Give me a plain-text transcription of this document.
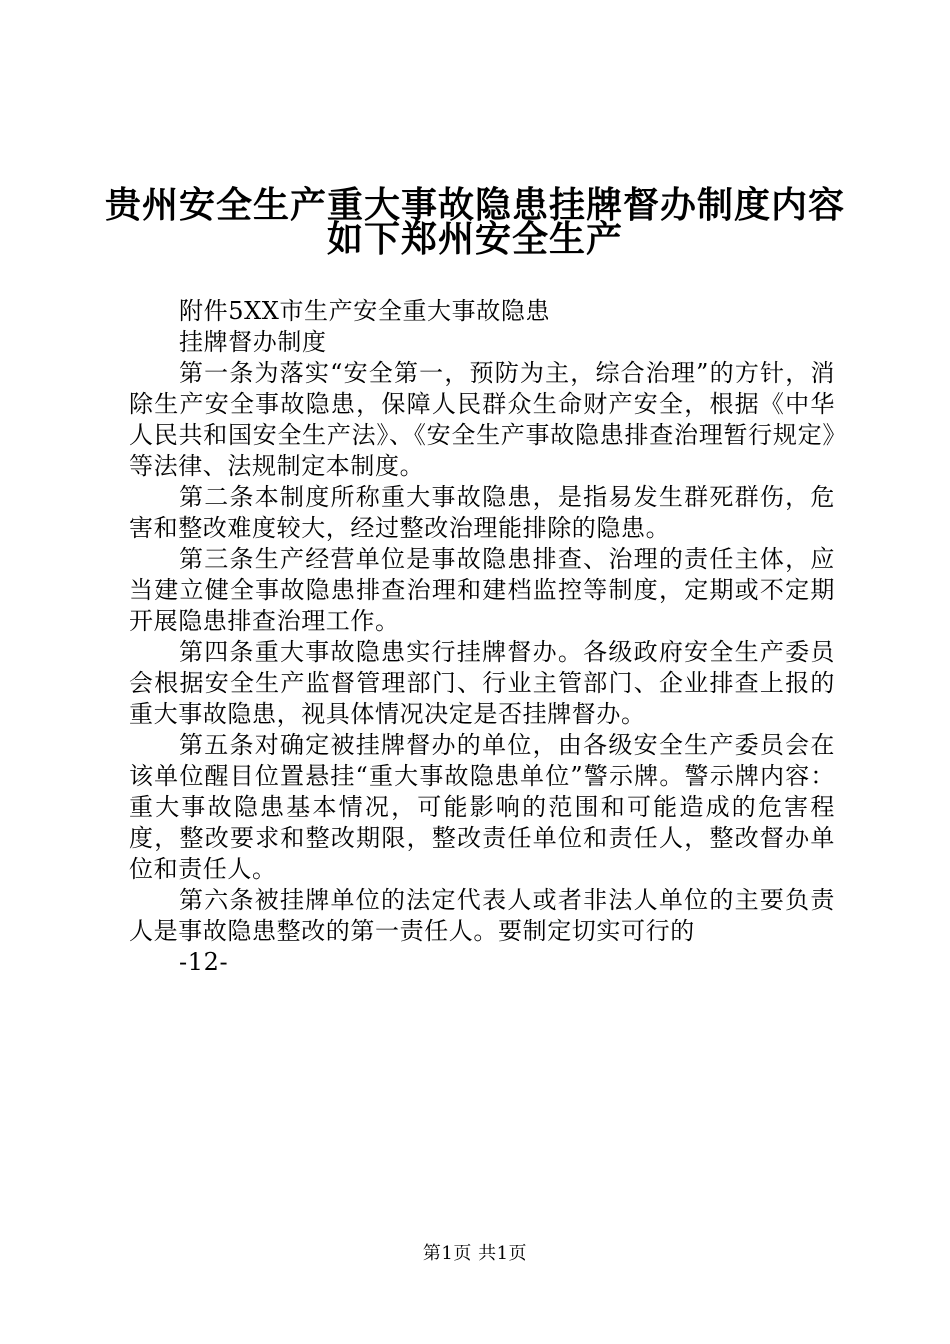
贵州安全生产重大事故隐患挂牌督办制度内容
如下郑州安全生产

附件5XX市生产安全重大事故隐患

挂牌督办制度

第一条为落实“安全第一，预防为主，综合治理”的方针，消除生产安全事故隐患，保障人民群众生命财产安全，根据《中华人民共和国安全生产法》、《安全生产事故隐患排查治理暂行规定》等法律、法规制定本制度。

第二条本制度所称重大事故隐患，是指易发生群死群伤，危害和整改难度较大，经过整改治理能排除的隐患。

第三条生产经营单位是事故隐患排查、治理的责任主体，应当建立健全事故隐患排查治理和建档监控等制度，定期或不定期开展隐患排查治理工作。

第四条重大事故隐患实行挂牌督办。各级政府安全生产委员会根据安全生产监督管理部门、行业主管部门、企业排查上报的重大事故隐患，视具体情况决定是否挂牌督办。

第五条对确定被挂牌督办的单位，由各级安全生产委员会在该单位醒目位置悬挂“重大事故隐患单位”警示牌。警示牌内容：重大事故隐患基本情况，可能影响的范围和可能造成的危害程度，整改要求和整改期限，整改责任单位和责任人，整改督办单位和责任人。

第六条被挂牌单位的法定代表人或者非法人单位的主要负责人是事故隐患整改的第一责任人。要制定切实可行的

-12-

第1页 共1页
